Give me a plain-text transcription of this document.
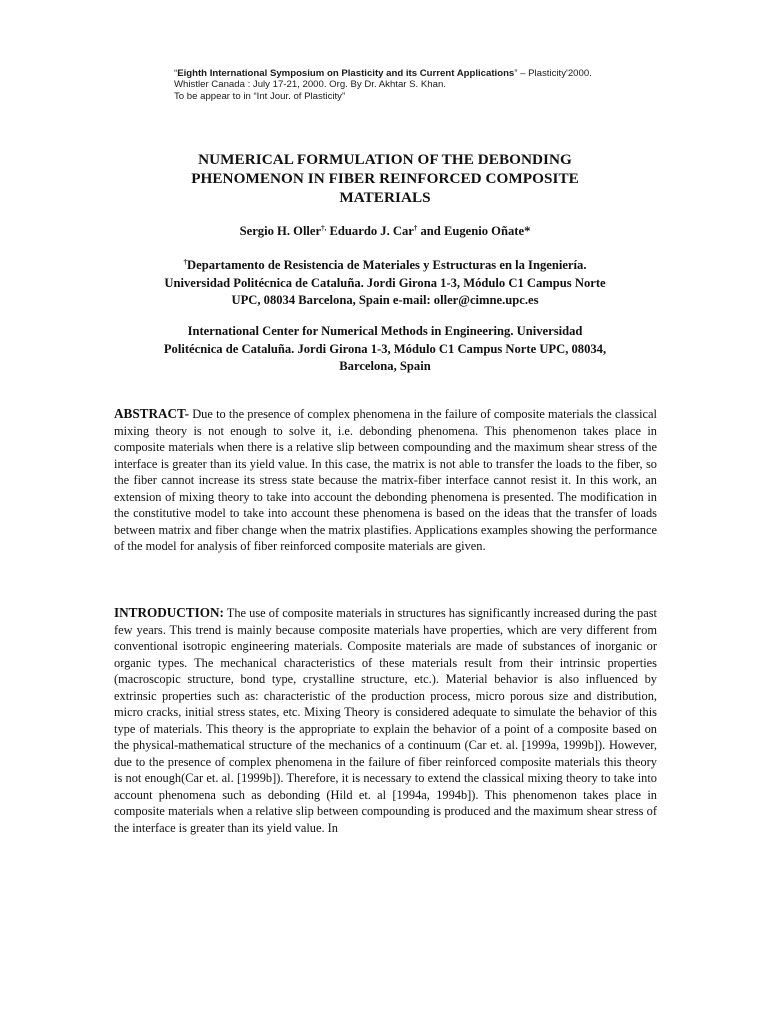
“Eighth International Symposium on Plasticity and its Current Applications” – Plasticity'2000.
Whistler Canada : July 17-21, 2000. Org. By Dr. Akhtar S. Khan.
To be appear to in “Int Jour. of Plasticity”
NUMERICAL FORMULATION OF THE DEBONDING
PHENOMENON IN FIBER REINFORCED COMPOSITE
MATERIALS
Sergio H. Oller†, Eduardo J. Car† and Eugenio Oñate*
†Departamento de Resistencia de Materiales y Estructuras en la Ingeniería.
Universidad Politécnica de Cataluña. Jordi Girona 1-3, Módulo C1 Campus Norte
UPC, 08034 Barcelona, Spain e-mail: oller@cimne.upc.es
International Center for Numerical Methods in Engineering. Universidad
Politécnica de Cataluña. Jordi Girona 1-3, Módulo C1 Campus Norte UPC, 08034,
Barcelona, Spain
ABSTRACT- Due to the presence of complex phenomena in the failure of composite materials the classical mixing theory is not enough to solve it, i.e. debonding phenomena. This phenomenon takes place in composite materials when there is a relative slip between compounding and the maximum shear stress of the interface is greater than its yield value. In this case, the matrix is not able to transfer the loads to the fiber, so the fiber cannot increase its stress state because the matrix-fiber interface cannot resist it. In this work, an extension of mixing theory to take into account the debonding phenomena is presented. The modification in the constitutive model to take into account these phenomena is based on the ideas that the transfer of loads between matrix and fiber change when the matrix plastifies. Applications examples showing the performance of the model for analysis of fiber reinforced composite materials are given.
INTRODUCTION: The use of composite materials in structures has significantly increased during the past few years. This trend is mainly because composite materials have properties, which are very different from conventional isotropic engineering materials. Composite materials are made of substances of inorganic or organic types. The mechanical characteristics of these materials result from their intrinsic properties (macroscopic structure, bond type, crystalline structure, etc.). Material behavior is also influenced by extrinsic properties such as: characteristic of the production process, micro porous size and distribution, micro cracks, initial stress states, etc. Mixing Theory is considered adequate to simulate the behavior of this type of materials. This theory is the appropriate to explain the behavior of a point of a composite based on the physical-mathematical structure of the mechanics of a continuum (Car et. al. [1999a, 1999b]). However, due to the presence of complex phenomena in the failure of fiber reinforced composite materials this theory is not enough(Car et. al. [1999b]). Therefore, it is necessary to extend the classical mixing theory to take into account phenomena such as debonding (Hild et. al [1994a, 1994b]). This phenomenon takes place in composite materials when a relative slip between compounding is produced and the maximum shear stress of the interface is greater than its yield value. In
